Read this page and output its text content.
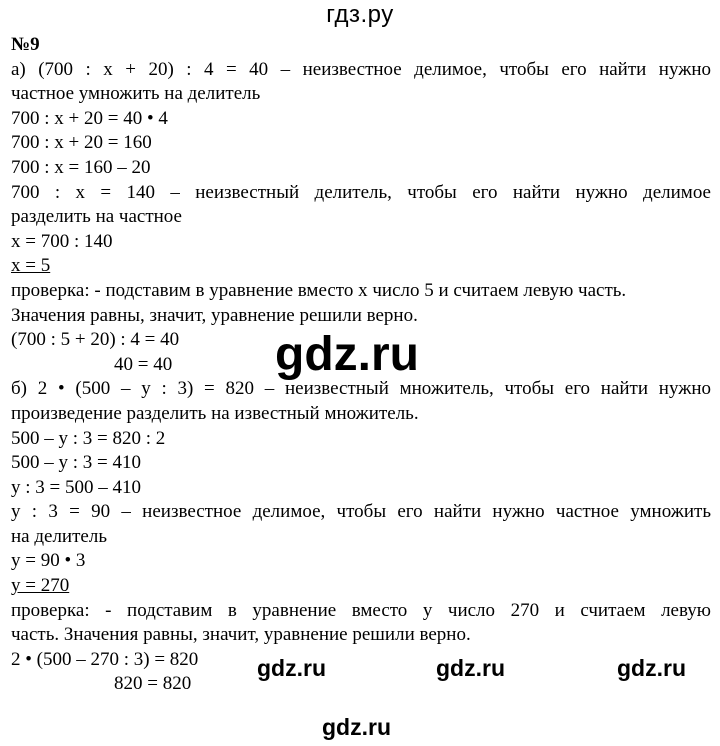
гдз.ру
№9
а) (700 : x + 20) : 4 = 40 – неизвестное делимое, чтобы его найти нужно
частное умножить на делитель
700 : x + 20 = 40 • 4
700 : x + 20 = 160
700 : x = 160 – 20
700 : x = 140 – неизвестный делитель, чтобы его найти нужно делимое
разделить на частное
x = 700 : 140
x = 5
проверка: - подставим в уравнение вместо x число 5 и считаем левую часть.
Значения равны, значит, уравнение решили верно.
(700 : 5 + 20) : 4 = 40
40 = 40
б) 2 • (500 – y : 3) = 820 – неизвестный множитель, чтобы его найти нужно
произведение разделить на известный множитель.
500 – y : 3 = 820 : 2
500 – y : 3 = 410
y : 3 = 500 – 410
y : 3 = 90 – неизвестное делимое, чтобы его найти нужно частное умножить
на делитель
y = 90 • 3
y = 270
проверка: - подставим в уравнение вместо y число 270 и считаем левую
часть. Значения равны, значит, уравнение решили верно.
2 • (500 – 270 : 3) = 820
820 = 820
gdz.ru
gdz.ru	gdz.ru	gdz.ru
gdz.ru
